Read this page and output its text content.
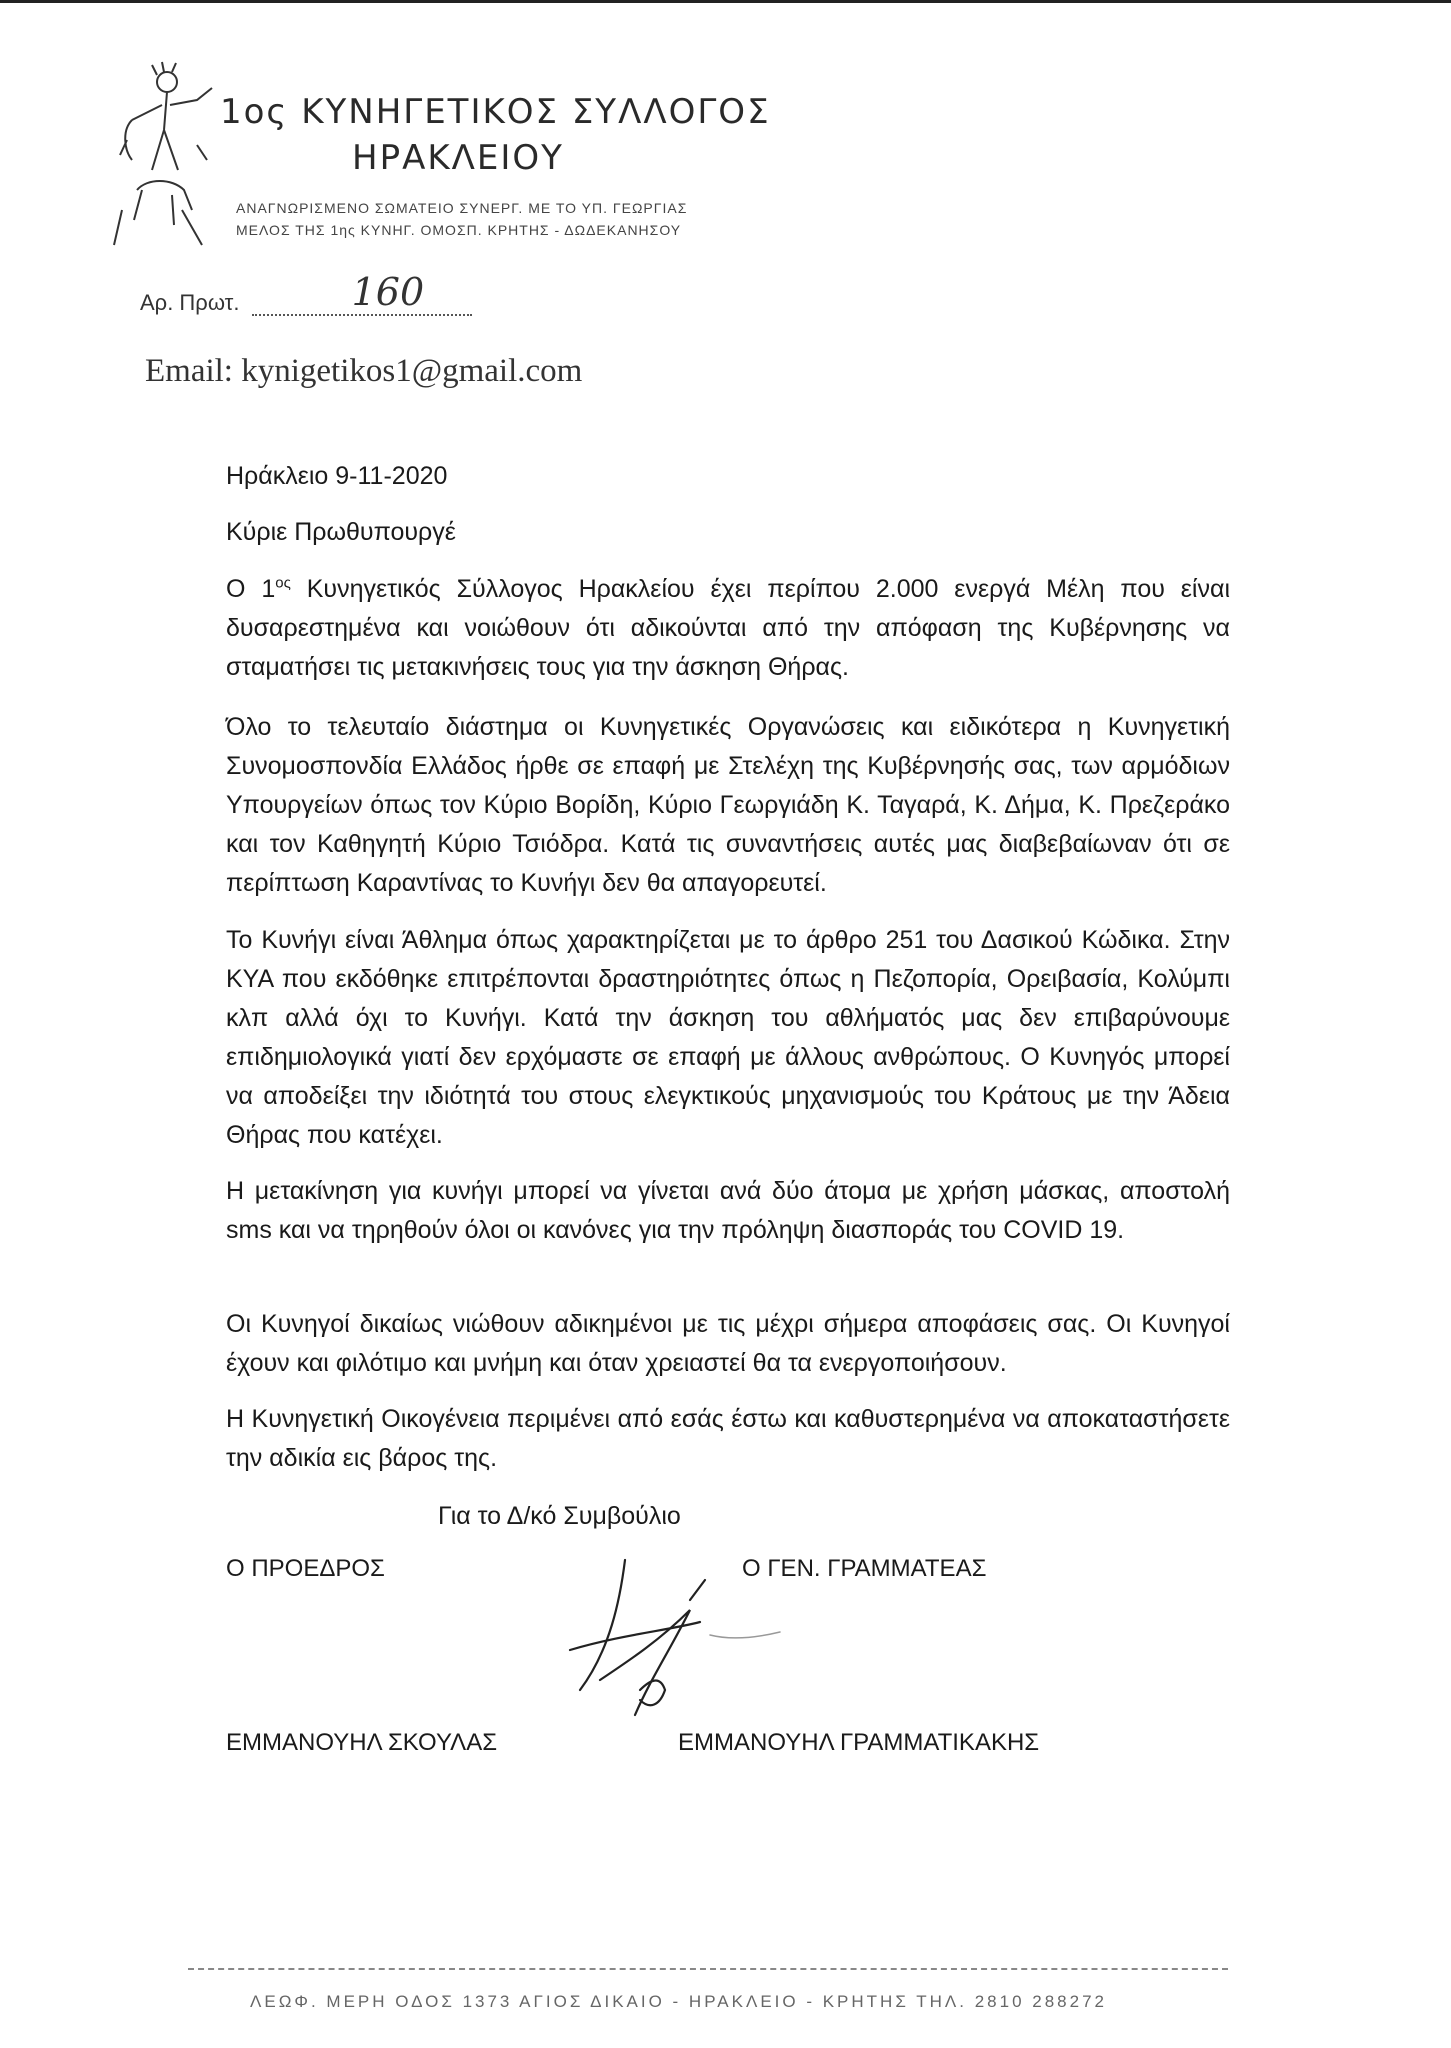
1ος ΚΥΝΗΓΕΤΙΚΟΣ ΣΥΛΛΟΓΟΣ
ΗΡΑΚΛΕΙΟΥ
ΑΝΑΓΝΩΡΙΣΜΕΝΟ ΣΩΜΑΤΕΙΟ ΣΥΝΕΡΓ. ΜΕ ΤΟ ΥΠ. ΓΕΩΡΓΙΑΣ
ΜΕΛΟΣ ΤΗΣ 1ης ΚΥΝΗΓ. ΟΜΟΣΠ. ΚΡΗΤΗΣ - ΔΩΔΕΚΑΝΗΣΟΥ
Αρ. Πρωτ.	160
Email: kynigetikos1@gmail.com
Ηράκλειο 9-11-2020
Κύριε Πρωθυπουργέ
Ο $1^{o\varsigma}$ Κυνηγετικός Σύλλογος Ηρακλείου έχει περίπου 2.000 ενεργά Μέλη που είναι δυσαρεστημένα και νοιώθουν ότι αδικούνται από την απόφαση της Κυβέρνησης να σταματήσει τις μετακινήσεις τους για την άσκηση Θήρας.
Όλο το τελευταίο διάστημα οι Κυνηγετικές Οργανώσεις και ειδικότερα η Κυνηγετική Συνομοσπονδία Ελλάδος ήρθε σε επαφή με Στελέχη της Κυβέρνησής σας, των αρμόδιων Υπουργείων όπως τον Κύριο Βορίδη, Κύριο Γεωργιάδη Κ. Ταγαρά, Κ. Δήμα, Κ. Πρεζεράκο και τον Καθηγητή Κύριο Τσιόδρα. Κατά τις συναντήσεις αυτές μας διαβεβαίωναν ότι σε περίπτωση Καραντίνας το Κυνήγι δεν θα απαγορευτεί.
Το Κυνήγι είναι Άθλημα όπως χαρακτηρίζεται με το άρθρο 251 του Δασικού Κώδικα. Στην ΚΥΑ που εκδόθηκε επιτρέπονται δραστηριότητες όπως η Πεζοπορία, Ορειβασία, Κολύμπι κλπ αλλά όχι το Κυνήγι. Κατά την άσκηση του αθλήματός μας δεν επιβαρύνουμε επιδημιολογικά γιατί δεν ερχόμαστε σε επαφή με άλλους ανθρώπους. Ο Κυνηγός μπορεί να αποδείξει την ιδιότητά του στους ελεγκτικούς μηχανισμούς του Κράτους με την Άδεια Θήρας που κατέχει.
Η μετακίνηση για κυνήγι μπορεί να γίνεται ανά δύο άτομα με χρήση μάσκας, αποστολή sms και να τηρηθούν όλοι οι κανόνες για την πρόληψη διασποράς του COVID 19.
Οι Κυνηγοί δικαίως νιώθουν αδικημένοι με τις μέχρι σήμερα αποφάσεις σας. Οι Κυνηγοί έχουν και φιλότιμο και μνήμη και όταν χρειαστεί θα τα ενεργοποιήσουν.
Η Κυνηγετική Οικογένεια περιμένει από εσάς έστω και καθυστερημένα να αποκαταστήσετε την αδικία εις βάρος της.
Για το Δ/κό Συμβούλιο
Ο ΠΡΟΕΔΡΟΣ	Ο ΓΕΝ. ΓΡΑΜΜΑΤΕΑΣ
ΕΜΜΑΝΟΥΗΛ ΣΚΟΥΛΑΣ	ΕΜΜΑΝΟΥΗΛ ΓΡΑΜΜΑΤΙΚΑΚΗΣ
ΛΕΩΦ. ΜΕΡΗ ΟΔΟΣ 1373 ΑΓΙΟΣ ΔΙΚΑΙΟ - ΗΡΑΚΛΕΙΟ - ΚΡΗΤΗΣ ΤΗΛ. 2810 288272
